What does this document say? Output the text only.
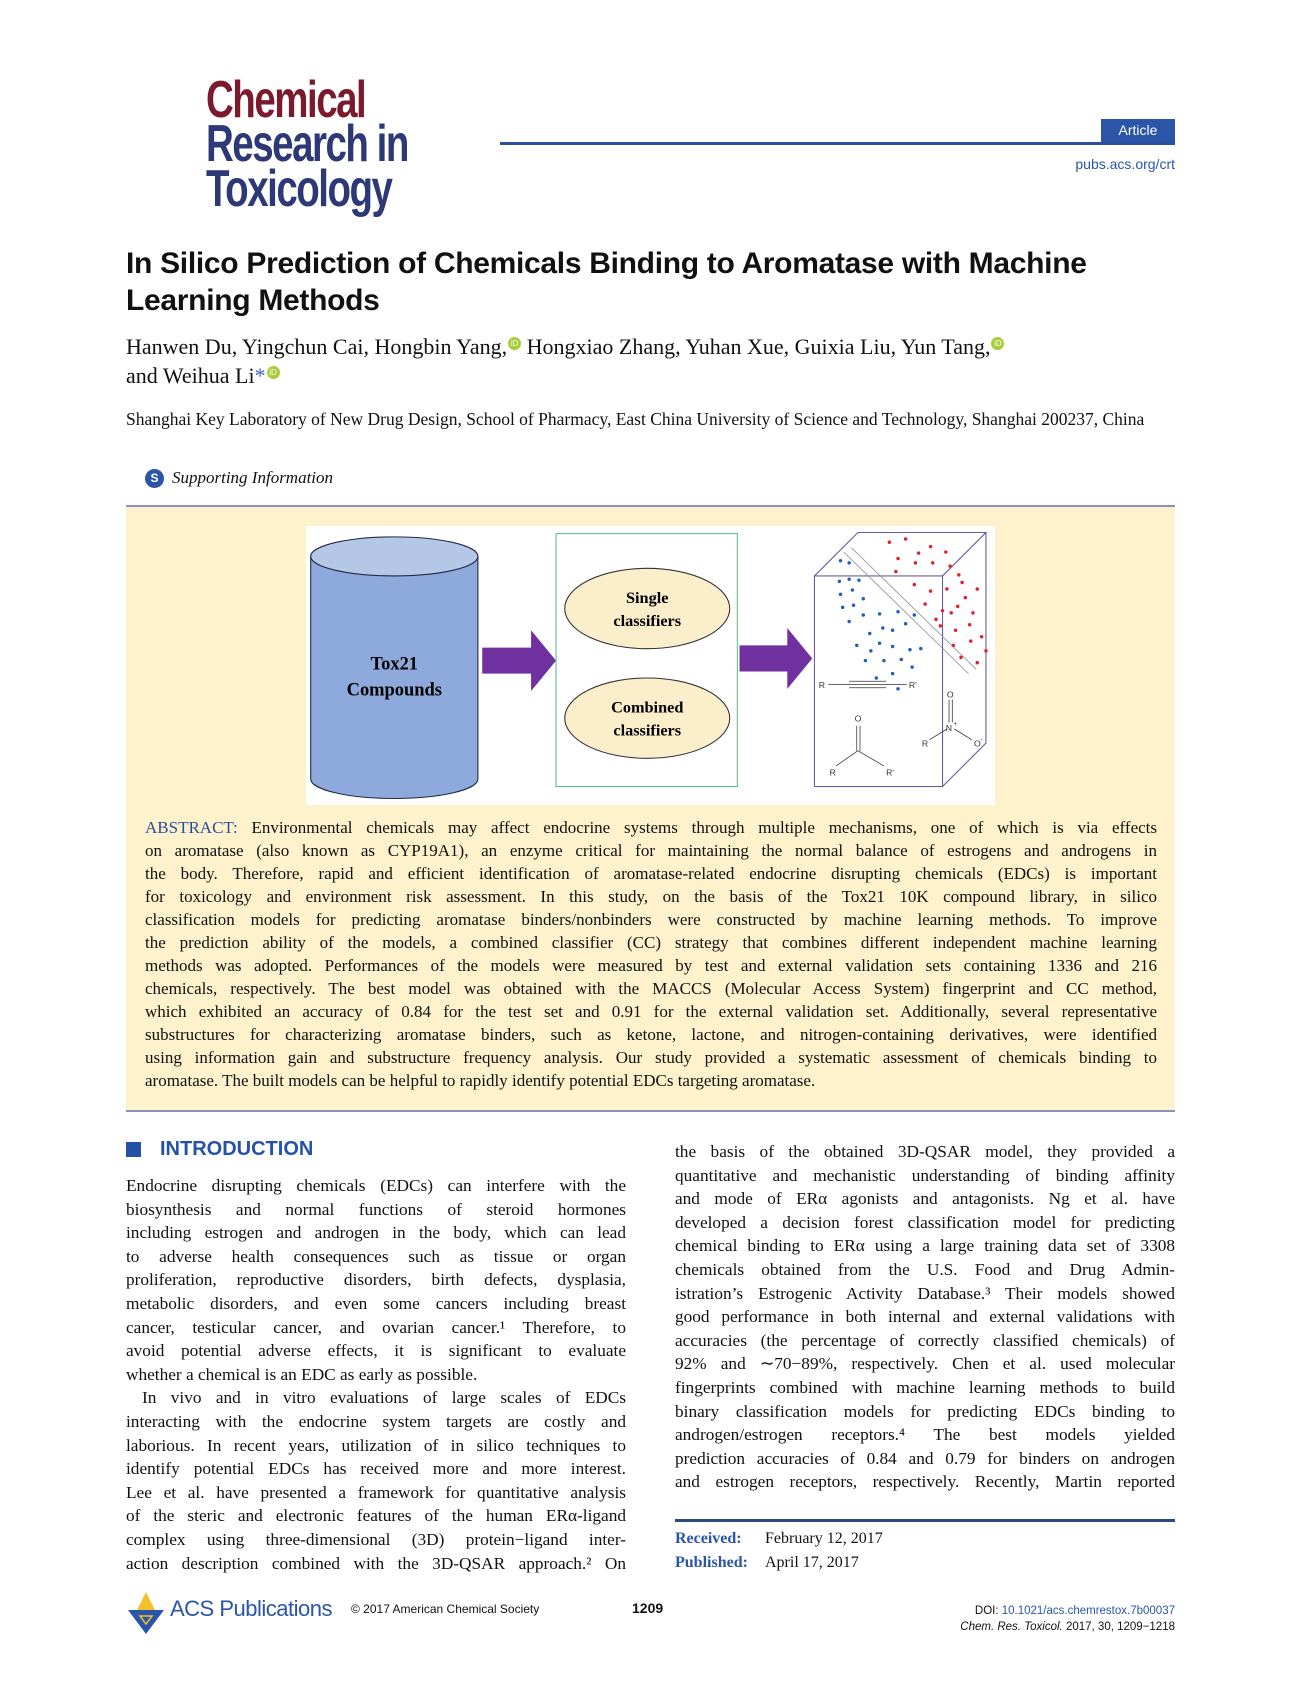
Chemical
Research in
Toxicology
Article
pubs.acs.org/crt
In Silico Prediction of Chemicals Binding to Aromatase with Machine Learning Methods
Hanwen Du, Yingchun Cai, Hongbin Yang, iD Hongxiao Zhang, Yuhan Xue, Guixia Liu, Yun Tang, iD
and Weihua Li* iD
Shanghai Key Laboratory of New Drug Design, School of Pharmacy, East China University of Science and Technology, Shanghai 200237, China
S Supporting Information
Tox21
Compounds
Single
classifiers
Combined
classifiers
R	R'
O
R	R'
O
N +
R	O -
ABSTRACT: Environmental chemicals may affect endocrine systems through multiple mechanisms, one of which is via effects
on aromatase (also known as CYP19A1), an enzyme critical for maintaining the normal balance of estrogens and androgens in
the body. Therefore, rapid and efficient identification of aromatase-related endocrine disrupting chemicals (EDCs) is important
for toxicology and environment risk assessment. In this study, on the basis of the Tox21 10K compound library, in silico
classification models for predicting aromatase binders/nonbinders were constructed by machine learning methods. To improve
the prediction ability of the models, a combined classifier (CC) strategy that combines different independent machine learning
methods was adopted. Performances of the models were measured by test and external validation sets containing 1336 and 216
chemicals, respectively. The best model was obtained with the MACCS (Molecular Access System) fingerprint and CC method,
which exhibited an accuracy of 0.84 for the test set and 0.91 for the external validation set. Additionally, several representative
substructures for characterizing aromatase binders, such as ketone, lactone, and nitrogen-containing derivatives, were identified
using information gain and substructure frequency analysis. Our study provided a systematic assessment of chemicals binding to
aromatase. The built models can be helpful to rapidly identify potential EDCs targeting aromatase.
INTRODUCTION
Endocrine disrupting chemicals (EDCs) can interfere with the
biosynthesis and normal functions of steroid hormones
including estrogen and androgen in the body, which can lead
to adverse health consequences such as tissue or organ
proliferation, reproductive disorders, birth defects, dysplasia,
metabolic disorders, and even some cancers including breast
cancer, testicular cancer, and ovarian cancer.¹ Therefore, to
avoid potential adverse effects, it is significant to evaluate
whether a chemical is an EDC as early as possible.
In vivo and in vitro evaluations of large scales of EDCs
interacting with the endocrine system targets are costly and
laborious. In recent years, utilization of in silico techniques to
identify potential EDCs has received more and more interest.
Lee et al. have presented a framework for quantitative analysis
of the steric and electronic features of the human ERα-ligand
complex using three-dimensional (3D) protein−ligand inter-
action description combined with the 3D-QSAR approach.² On
the basis of the obtained 3D-QSAR model, they provided a
quantitative and mechanistic understanding of binding affinity
and mode of ERα agonists and antagonists. Ng et al. have
developed a decision forest classification model for predicting
chemical binding to ERα using a large training data set of 3308
chemicals obtained from the U.S. Food and Drug Admin-
istration’s Estrogenic Activity Database.³ Their models showed
good performance in both internal and external validations with
accuracies (the percentage of correctly classified chemicals) of
92% and ∼70−89%, respectively. Chen et al. used molecular
fingerprints combined with machine learning methods to build
binary classification models for predicting EDCs binding to
androgen/estrogen receptors.⁴ The best models yielded
prediction accuracies of 0.84 and 0.79 for binders on androgen
and estrogen receptors, respectively. Recently, Martin reported
Received: February 12, 2017
Published: April 17, 2017
ACS Publications © 2017 American Chemical Society	1209	DOI: 10.1021/acs.chemrestox.7b00037
Chem. Res. Toxicol. 2017, 30, 1209−1218
